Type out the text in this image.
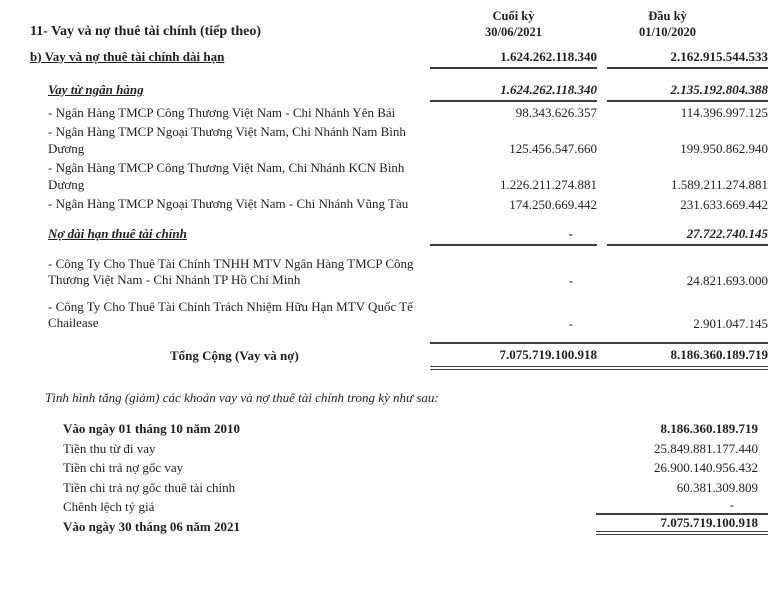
11- Vay và nợ thuê tài chính (tiếp theo)
Cuối kỳ
30/06/2021
Đầu kỳ
01/10/2020
b) Vay và nợ thuê tài chính dài hạn	1.624.262.118.340	2.162.915.544.533
Vay từ ngân hàng	1.624.262.118.340	2.135.192.804.388
- Ngân Hàng TMCP Công Thương Việt Nam - Chi Nhánh Yên Bái	98.343.626.357	114.396.997.125
- Ngân Hàng TMCP Ngoại Thương Việt Nam, Chi Nhánh Nam Bình Dương	125.456.547.660	199.950.862.940
- Ngân Hàng TMCP Công Thương Việt Nam, Chi Nhánh KCN Bình Dương	1.226.211.274.881	1.589.211.274.881
- Ngân Hàng TMCP Ngoại Thương Việt Nam - Chi Nhánh Vũng Tàu	174.250.669.442	231.633.669.442
Nợ dài hạn thuê tài chính	-	27.722.740.145
- Công Ty Cho Thuê Tài Chính TNHH MTV Ngân Hàng TMCP Công Thương Việt Nam - Chi Nhánh TP Hồ Chí Minh	-	24.821.693.000
- Công Ty Cho Thuê Tài Chính Trách Nhiệm Hữu Hạn MTV Quốc Tế Chailease	-	2.901.047.145
Tổng Cộng (Vay và nợ)	7.075.719.100.918	8.186.360.189.719
Tình hình tăng (giảm) các khoản vay và nợ thuê tài chính trong kỳ như sau:
Vào ngày 01 tháng 10 năm 2010	8.186.360.189.719
Tiền thu từ đi vay	25.849.881.177.440
Tiền chi trả nợ gốc vay	26.900.140.956.432
Tiền chi trả nợ gốc thuê tài chính	60.381.309.809
Chênh lệch tỷ giá	-
Vào ngày 30 tháng 06 năm 2021	7.075.719.100.918
